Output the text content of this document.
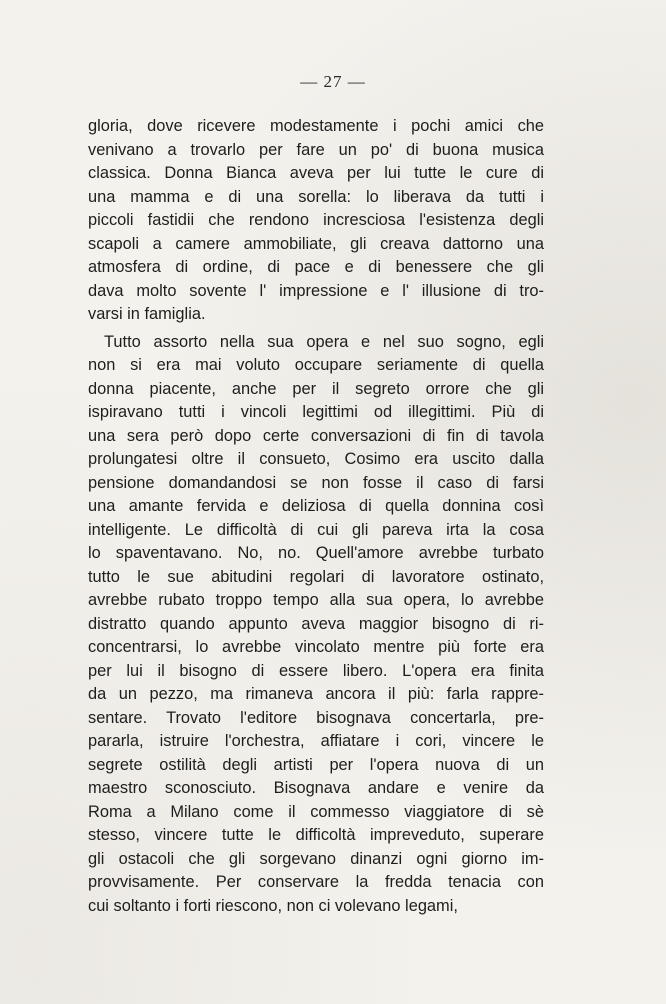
— 27 —
gloria, dove ricevere modestamente i pochi amici che
venivano a trovarlo per fare un po' di buona musica
classica. Donna Bianca aveva per lui tutte le cure di
una mamma e di una sorella: lo liberava da tutti i
piccoli fastidii che rendono incresciosa l'esistenza degli
scapoli a camere ammobiliate, gli creava dattorno una
atmosfera di ordine, di pace e di benessere che gli
dava molto sovente l' impressione e l' illusione di tro-
varsi in famiglia.
Tutto assorto nella sua opera e nel suo sogno, egli
non si era mai voluto occupare seriamente di quella
donna piacente, anche per il segreto orrore che gli
ispiravano tutti i vincoli legittimi od illegittimi. Più di
una sera però dopo certe conversazioni di fin di tavola
prolungatesi oltre il consueto, Cosimo era uscito dalla
pensione domandandosi se non fosse il caso di farsi
una amante fervida e deliziosa di quella donnina così
intelligente. Le difficoltà di cui gli pareva irta la cosa
lo spaventavano. No, no. Quell'amore avrebbe turbato
tutto le sue abitudini regolari di lavoratore ostinato,
avrebbe rubato troppo tempo alla sua opera, lo avrebbe
distratto quando appunto aveva maggior bisogno di ri-
concentrarsi, lo avrebbe vincolato mentre più forte era
per lui il bisogno di essere libero. L'opera era finita
da un pezzo, ma rimaneva ancora il più: farla rappre-
sentare. Trovato l'editore bisognava concertarla, pre-
pararla, istruire l'orchestra, affiatare i cori, vincere le
segrete ostilità degli artisti per l'opera nuova di un
maestro sconosciuto. Bisognava andare e venire da
Roma a Milano come il commesso viaggiatore di sè
stesso, vincere tutte le difficoltà impreveduto, superare
gli ostacoli che gli sorgevano dinanzi ogni giorno im-
provvisamente. Per conservare la fredda tenacia con
cui soltanto i forti riescono, non ci volevano legami,
